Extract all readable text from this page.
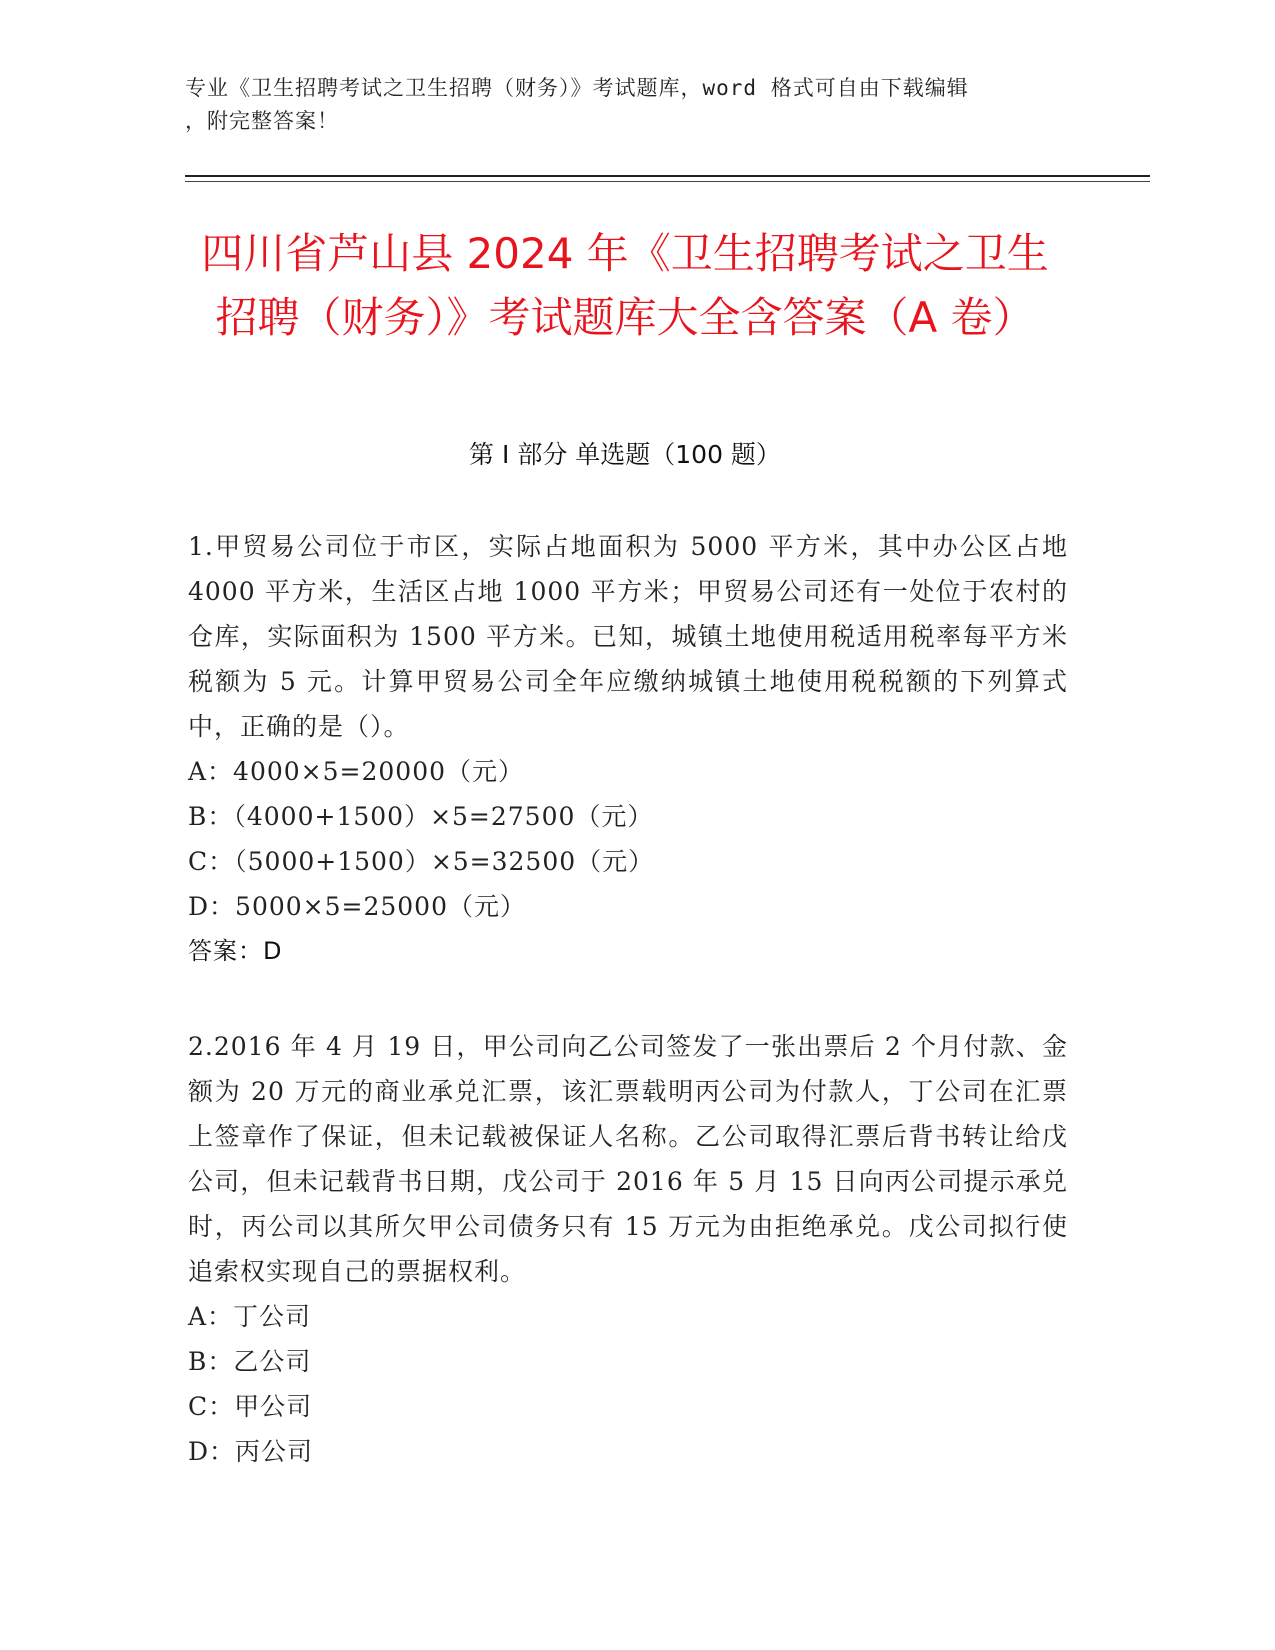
专业《卫生招聘考试之卫生招聘（财务）》考试题库，word 格式可自由下载编辑
，附完整答案！
四川省芦山县 2024 年《卫生招聘考试之卫生招聘（财务）》考试题库大全含答案（A 卷）
第 I 部分 单选题（100 题）

1.甲贸易公司位于市区，实际占地面积为 5000 平方米，其中办公区占地 4000 平方米，生活区占地 1000 平方米；甲贸易公司还有一处位于农村的仓库，实际面积为 1500 平方米。已知，城镇土地使用税适用税率每平方米税额为 5 元。计算甲贸易公司全年应缴纳城镇土地使用税税额的下列算式中，正确的是（）。

A：4000×5=20000（元）

B：（4000+1500）×5=27500（元）

C：（5000+1500）×5=32500（元）

D：5000×5=25000（元）

答案：D

2.2016 年 4 月 19 日，甲公司向乙公司签发了一张出票后 2 个月付款、金额为 20 万元的商业承兑汇票，该汇票载明丙公司为付款人，丁公司在汇票上签章作了保证，但未记载被保证人名称。乙公司取得汇票后背书转让给戊公司，但未记载背书日期，戊公司于 2016 年 5 月 15 日向丙公司提示承兑时，丙公司以其所欠甲公司债务只有 15 万元为由拒绝承兑。戊公司拟行使追索权实现自己的票据权利。

A：丁公司

B：乙公司

C：甲公司

D：丙公司
